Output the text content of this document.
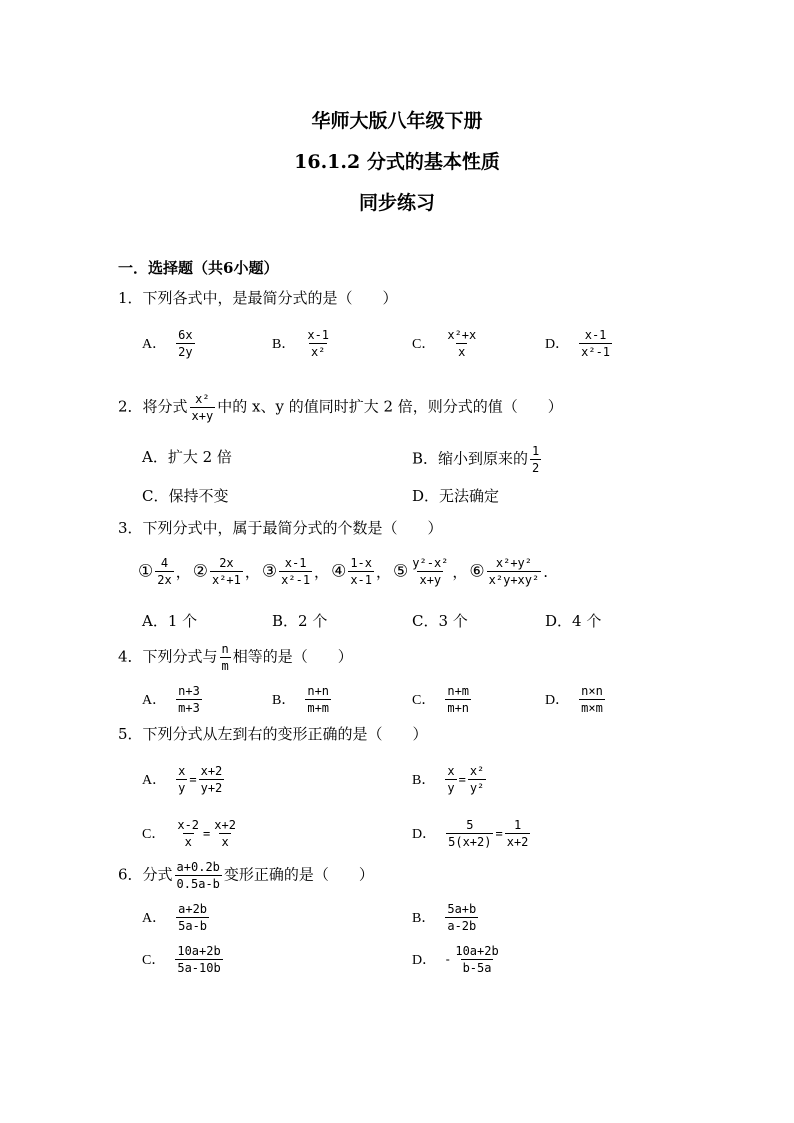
华师大版八年级下册
16.1.2 分式的基本性质
同步练习
一．选择题（共6小题）
1．下列各式中，是最简分式的是（　　）
A． $\frac{6x}{2y}$	B． $\frac{x-1}{\text{x²}}$	C． $\frac{\text{x²+x}}{x}$	D． $\frac{x-1}{\text{x²-1}}$
2．将分式 $\frac{\text{x²}}{x+y}$ 中的 x、y 的值同时扩大 2 倍，则分式的值（　　）
A．扩大 2 倍	B．缩小到原来的 $\frac{1}{2}$
C．保持不变	D．无法确定
3．下列分式中，属于最简分式的个数是（　　）
① $\frac{4}{2x}$ ， ② $\frac{2x}{\text{x²+1}}$ ， ③ $\frac{x-1}{\text{x²-1}}$ ， ④ $\frac{1-x}{x-1}$ ， ⑤ $\frac{\text{y²-x²}}{x+y}$ ， ⑥ $\frac{\text{x²+y²}}{\text{x²y+xy²}}$ .
A．1 个	B．2 个	C．3 个	D．4 个
4．下列分式与 $\frac{n}{m}$ 相等的是（　　）
A． $\frac{n+3}{m+3}$	B． $\frac{n+n}{m+m}$	C． $\frac{n+m}{m+n}$	D． $\frac{n\times n}{m\times m}$
5．下列分式从左到右的变形正确的是（　　）
A． $\frac{x}{y} = \frac{x+2}{y+2}$	B． $\frac{x}{y} = \frac{\text{x²}}{\text{y²}}$
C． $\frac{x-2}{x} = \frac{x+2}{x}$	D． $\frac{5}{5(x+2)} = \frac{1}{x+2}$
6．分式 $\frac{a+0.2b}{0.5a-b}$ 变形正确的是（　　）
A． $\frac{a+2b}{5a-b}$	B． $\frac{5a+b}{a-2b}$
C． $\frac{10a+2b}{5a-10b}$	D． - $\frac{10a+2b}{b-5a}$
